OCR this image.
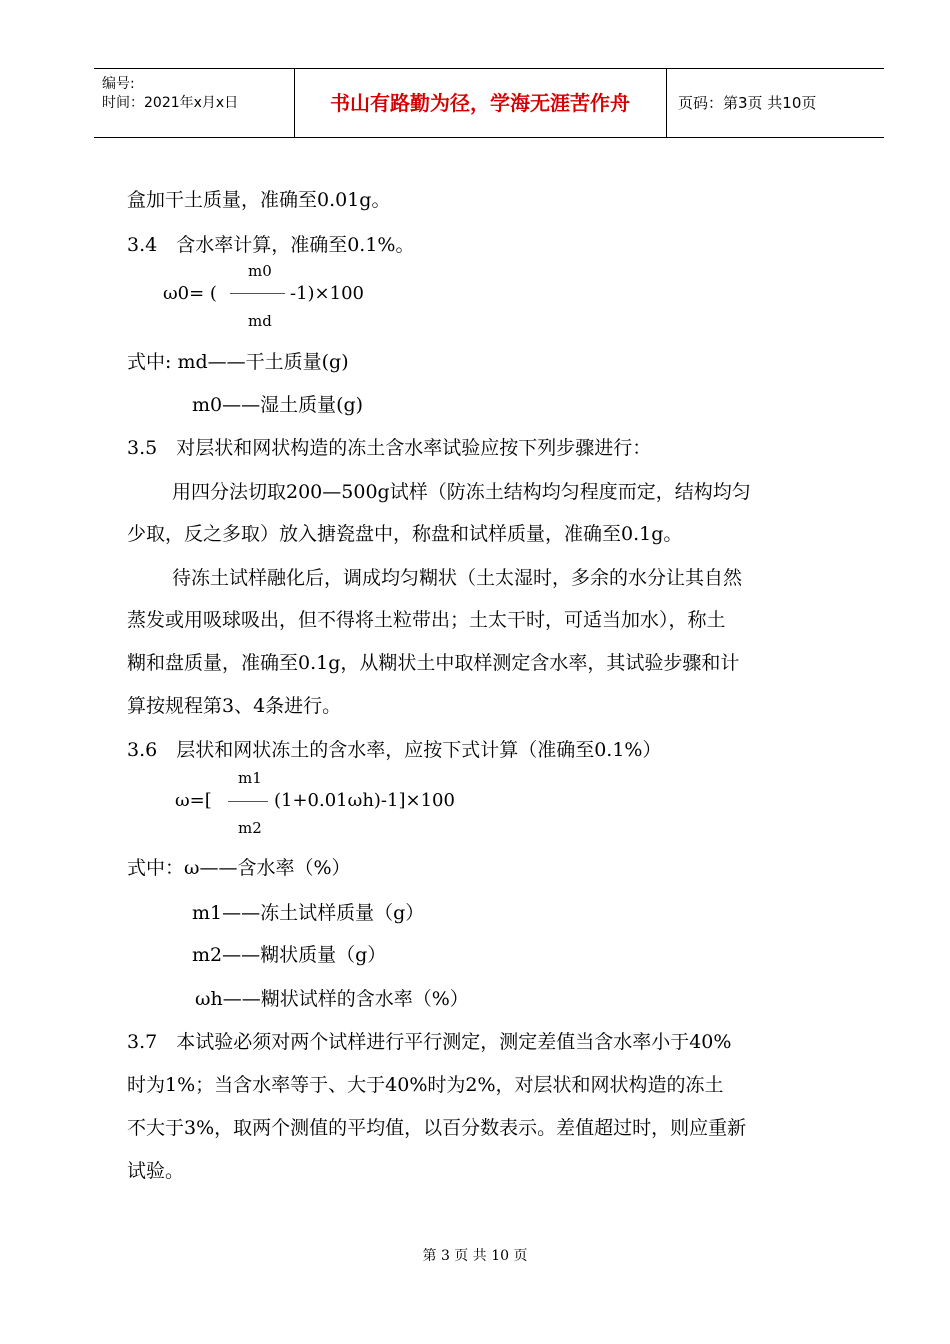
编号:
时间：2021年x月x日	书山有路勤为径，学海无涯苦作舟	页码：第3页 共10页
盒加干土质量，准确至0.01g。
3.4　含水率计算，准确至0.1%。
m0
ω0= (	-1)×100
md
式中: md——干土质量(g)
m0——湿土质量(g)
3.5　对层状和网状构造的冻土含水率试验应按下列步骤进行：
用四分法切取200—500g试样（防冻土结构均匀程度而定，结构均匀
少取，反之多取）放入搪瓷盘中，称盘和试样质量，准确至0.1g。
待冻土试样融化后，调成均匀糊状（土太湿时，多余的水分让其自然
蒸发或用吸球吸出，但不得将土粒带出；土太干时，可适当加水），称土
糊和盘质量，准确至0.1g，从糊状土中取样测定含水率，其试验步骤和计
算按规程第3、4条进行。
3.6　层状和网状冻土的含水率，应按下式计算（准确至0.1%）
m1
ω=[	(1+0.01ωh)-1]×100
m2
式中：ω——含水率（%）
m1——冻土试样质量（g）
m2——糊状质量（g）
ωh——糊状试样的含水率（%）
3.7　本试验必须对两个试样进行平行测定，测定差值当含水率小于40%
时为1%；当含水率等于、大于40%时为2%，对层状和网状构造的冻土
不大于3%，取两个测值的平均值，以百分数表示。差值超过时，则应重新
试验。
第 3 页 共 10 页
